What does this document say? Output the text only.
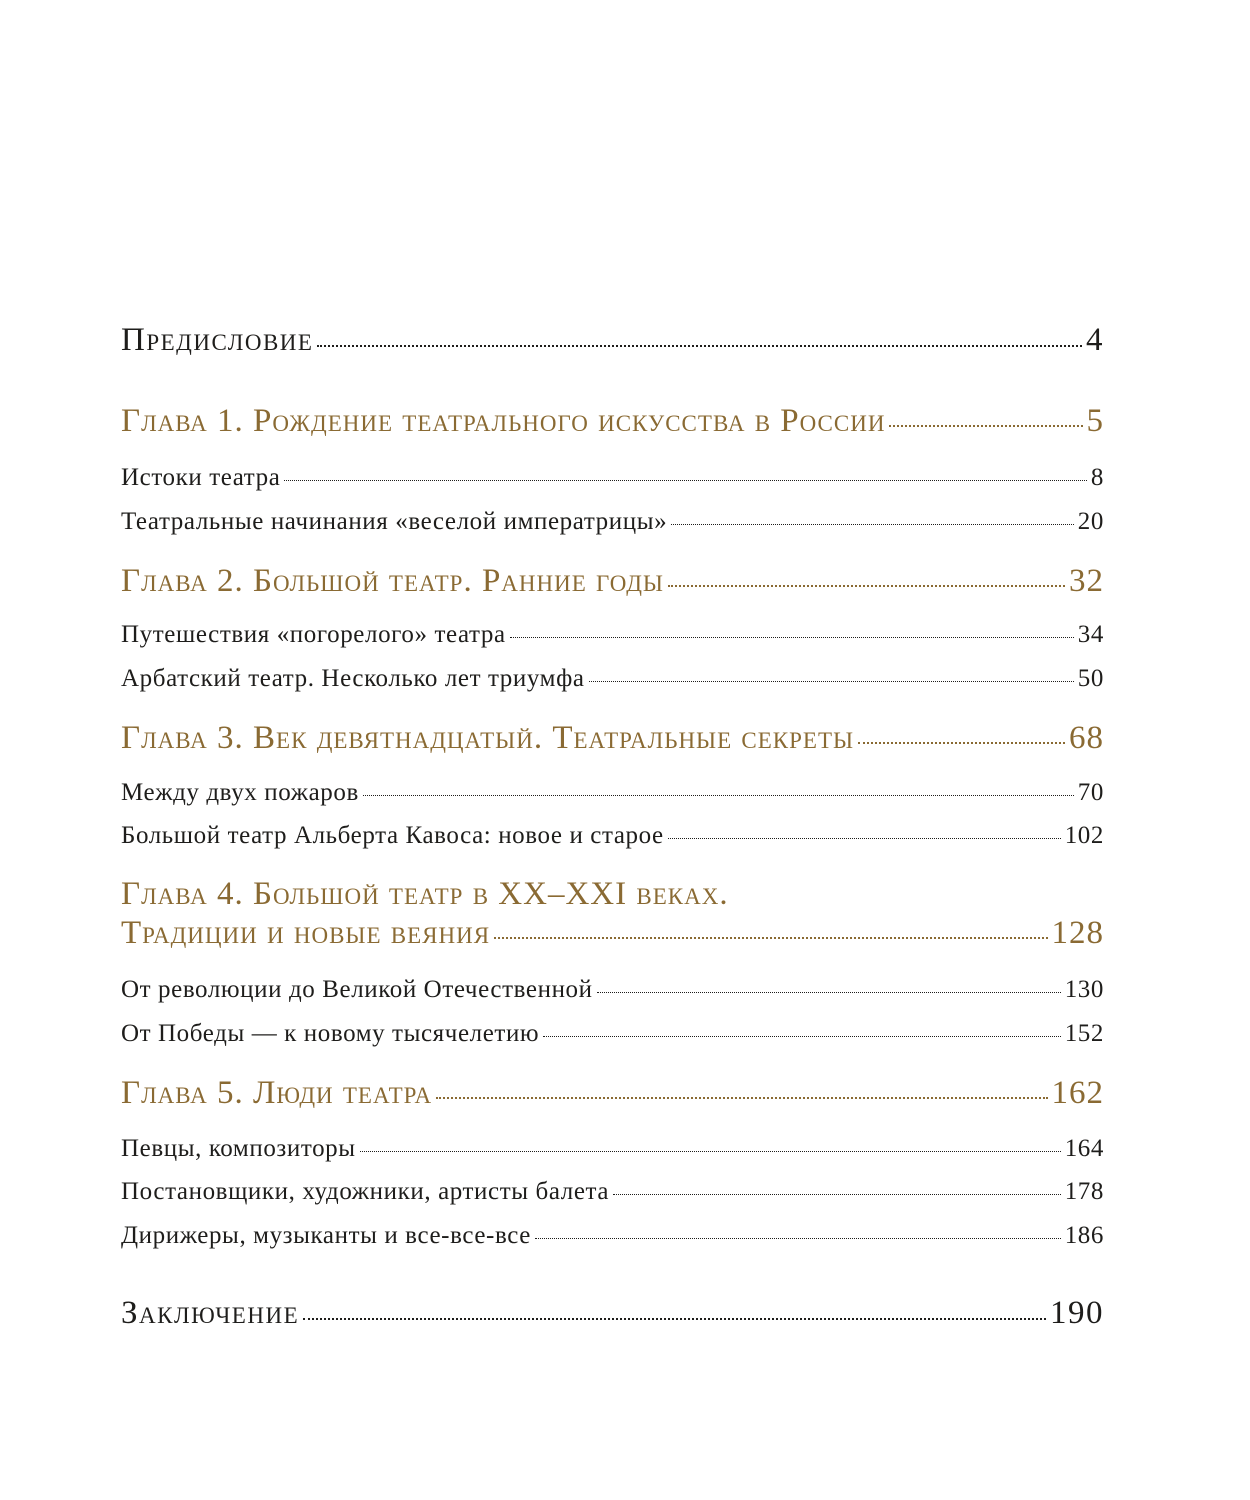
Предисловие	4
Глава 1. Рождение театрального искусства в России	5
Истоки театра	8
Театральные начинания «веселой императрицы»	20
Глава 2. Большой театр. Ранние годы	32
Путешествия «погорелого» театра	34
Арбатский театр. Несколько лет триумфа	50
Глава 3. Век девятнадцатый. Театральные секреты	68
Между двух пожаров	70
Большой театр Альберта Кавоса: новое и старое	102
Глава 4. Большой театр в XX–XXI веках.
Традиции и новые веяния	128
От революции до Великой Отечественной	130
От Победы — к новому тысячелетию	152
Глава 5. Люди театра	162
Певцы, композиторы	164
Постановщики, художники, артисты балета	178
Дирижеры, музыканты и все-все-все	186
Заключение	190
